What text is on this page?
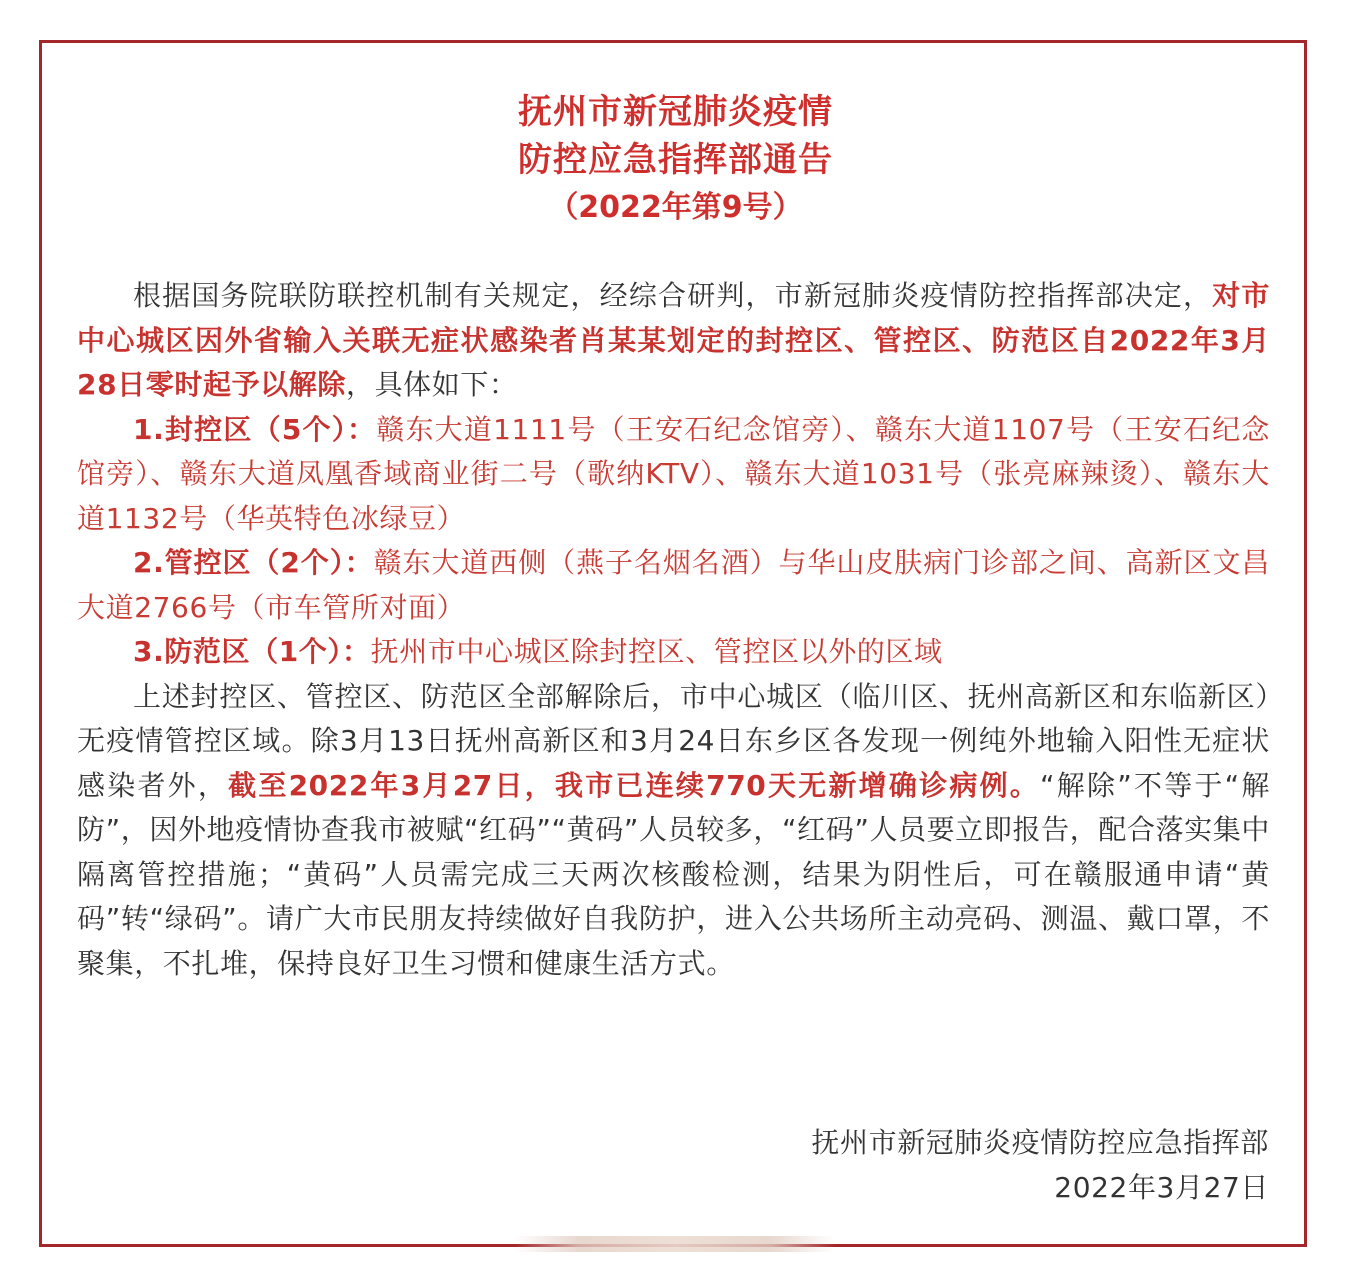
抚州市新冠肺炎疫情
防控应急指挥部通告
（2022年第9号）

根据国务院联防联控机制有关规定，经综合研判，市新冠肺炎疫情防控指挥部决定，对市中心城区因外省输入关联无症状感染者肖某某划定的封控区、管控区、防范区自2022年3月28日零时起予以解除，具体如下：

1.封控区（5个）：赣东大道1111号（王安石纪念馆旁）、赣东大道1107号（王安石纪念馆旁）、赣东大道凤凰香域商业街二号（歌纳KTV）、赣东大道1031号（张亮麻辣烫）、赣东大道1132号（华英特色冰绿豆）

2.管控区（2个）：赣东大道西侧（燕子名烟名酒）与华山皮肤病门诊部之间、高新区文昌大道2766号（市车管所对面）

3.防范区（1个）：抚州市中心城区除封控区、管控区以外的区域

上述封控区、管控区、防范区全部解除后，市中心城区（临川区、抚州高新区和东临新区）无疫情管控区域。除3月13日抚州高新区和3月24日东乡区各发现一例纯外地输入阳性无症状感染者外，截至2022年3月27日，我市已连续770天无新增确诊病例。“解除”不等于“解防”，因外地疫情协查我市被赋“红码”“黄码”人员较多，“红码”人员要立即报告，配合落实集中隔离管控措施；“黄码”人员需完成三天两次核酸检测，结果为阴性后，可在赣服通申请“黄码”转“绿码”。请广大市民朋友持续做好自我防护，进入公共场所主动亮码、测温、戴口罩，不聚集，不扎堆，保持良好卫生习惯和健康生活方式。

抚州市新冠肺炎疫情防控应急指挥部
2022年3月27日
